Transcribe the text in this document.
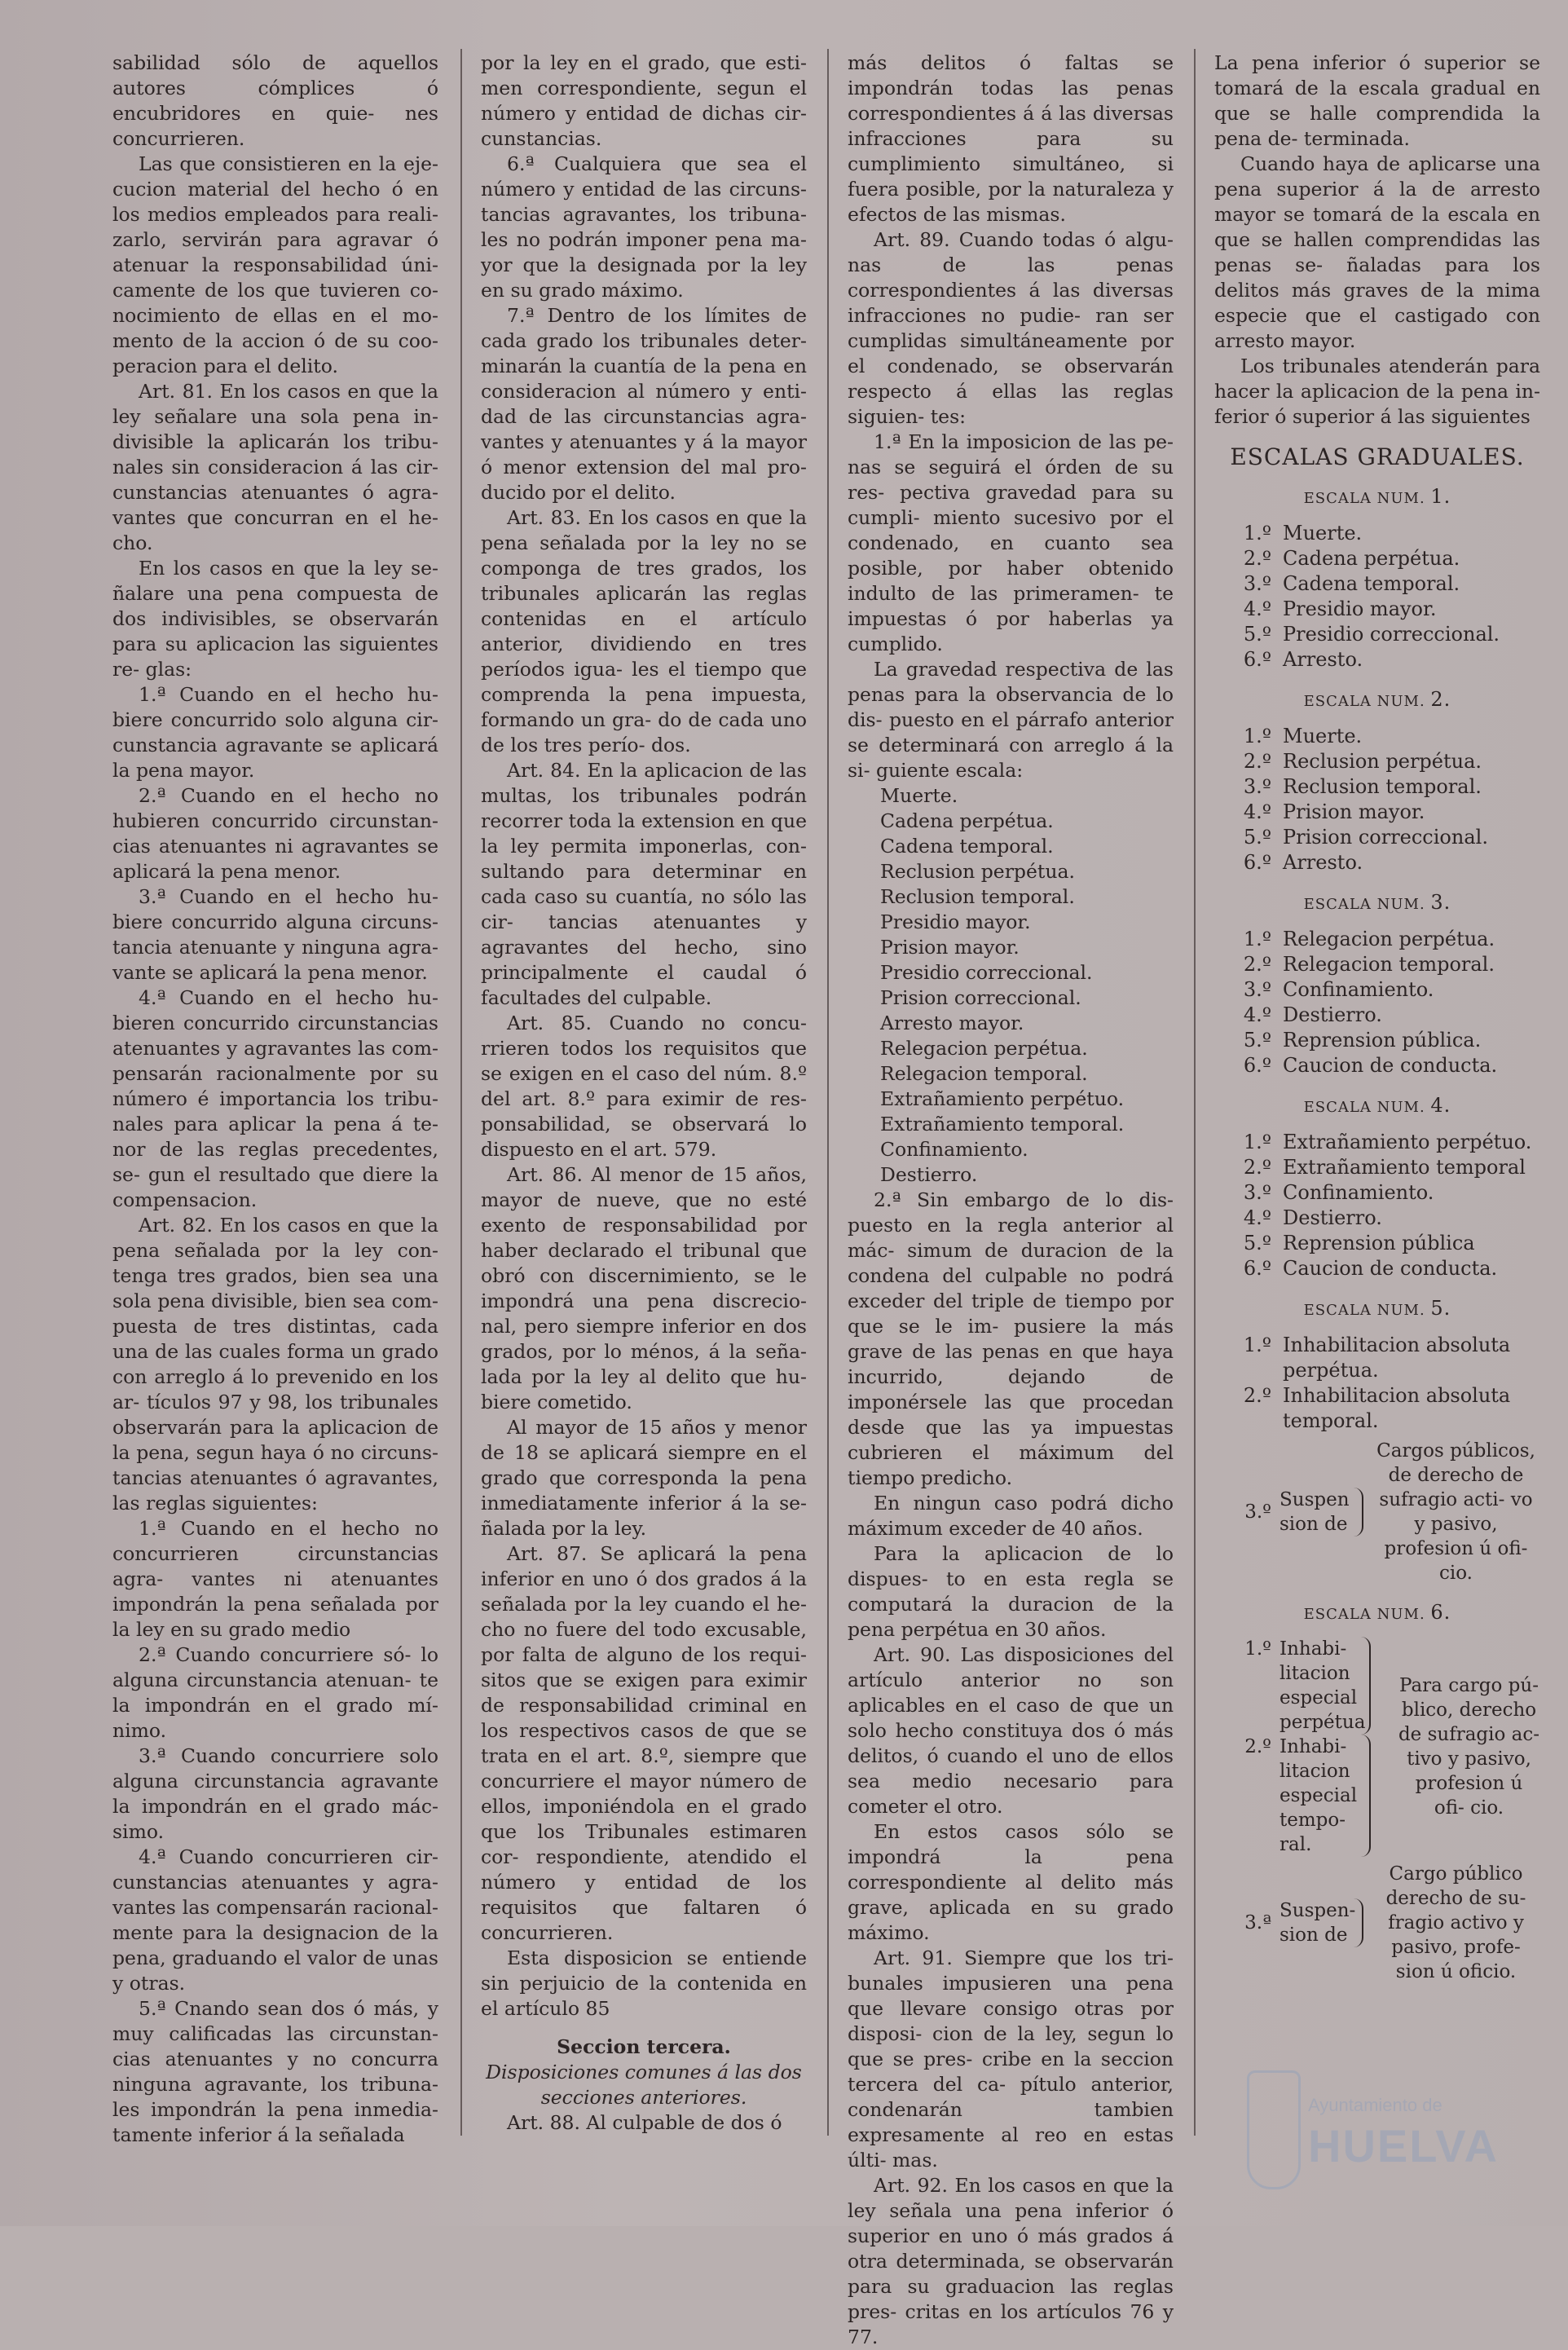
sabilidad sólo de aquellos autores cómplices ó encubridores en quie- nes concurrieren.

Las que consistieren en la eje- cucion material del hecho ó en los medios empleados para reali- zarlo, servirán para agravar ó atenuar la responsabilidad úni- camente de los que tuvieren co- nocimiento de ellas en el mo- mento de la accion ó de su coo- peracion para el delito.

Art. 81. En los casos en que la ley señalare una sola pena in- divisible la aplicarán los tribu- nales sin consideracion á las cir- cunstancias atenuantes ó agra- vantes que concurran en el he- cho.

En los casos en que la ley se- ñalare una pena compuesta de dos indivisibles, se observarán para su aplicacion las siguientes re- glas:

1.ª Cuando en el hecho hu- biere concurrido solo alguna cir- cunstancia agravante se aplicará la pena mayor.

2.ª Cuando en el hecho no hubieren concurrido circunstan- cias atenuantes ni agravantes se aplicará la pena menor.

3.ª Cuando en el hecho hu- biere concurrido alguna circuns- tancia atenuante y ninguna agra- vante se aplicará la pena menor.

4.ª Cuando en el hecho hu- bieren concurrido circunstancias atenuantes y agravantes las com- pensarán racionalmente por su número é importancia los tribu- nales para aplicar la pena á te- nor de las reglas precedentes, se- gun el resultado que diere la compensacion.

Art. 82. En los casos en que la pena señalada por la ley con- tenga tres grados, bien sea una sola pena divisible, bien sea com- puesta de tres distintas, cada una de las cuales forma un grado con arreglo á lo prevenido en los ar- tículos 97 y 98, los tribunales observarán para la aplicacion de la pena, segun haya ó no circuns- tancias atenuantes ó agravantes, las reglas siguientes:

1.ª Cuando en el hecho no concurrieren circunstancias agra- vantes ni atenuantes impondrán la pena señalada por la ley en su grado medio

2.ª Cuando concurriere só- lo alguna circunstancia atenuan- te la impondrán en el grado mí- nimo.

3.ª Cuando concurriere solo alguna circunstancia agravante la impondrán en el grado mác- simo.

4.ª Cuando concurrieren cir- cunstancias atenuantes y agra- vantes las compensarán racional- mente para la designacion de la pena, graduando el valor de unas y otras.

5.ª Cnando sean dos ó más, y muy calificadas las circunstan- cias atenuantes y no concurra ninguna agravante, los tribuna- les impondrán la pena inmedia- tamente inferior á la señalada

por la ley en el grado, que esti- men correspondiente, segun el número y entidad de dichas cir- cunstancias.

6.ª Cualquiera que sea el número y entidad de las circuns- tancias agravantes, los tribuna- les no podrán imponer pena ma- yor que la designada por la ley en su grado máximo.

7.ª Dentro de los límites de cada grado los tribunales deter- minarán la cuantía de la pena en consideracion al número y enti- dad de las circunstancias agra- vantes y atenuantes y á la mayor ó menor extension del mal pro- ducido por el delito.

Art. 83. En los casos en que la pena señalada por la ley no se componga de tres grados, los tribunales aplicarán las reglas contenidas en el artículo anterior, dividiendo en tres períodos igua- les el tiempo que comprenda la pena impuesta, formando un gra- do de cada uno de los tres perío- dos.

Art. 84. En la aplicacion de las multas, los tribunales podrán recorrer toda la extension en que la ley permita imponerlas, con- sultando para determinar en cada caso su cuantía, no sólo las cir- tancias atenuantes y agravantes del hecho, sino principalmente el caudal ó facultades del culpable.

Art. 85. Cuando no concu- rrieren todos los requisitos que se exigen en el caso del núm. 8.º del art. 8.º para eximir de res- ponsabilidad, se observará lo dispuesto en el art. 579.

Art. 86. Al menor de 15 años, mayor de nueve, que no esté exento de responsabilidad por haber declarado el tribunal que obró con discernimiento, se le impondrá una pena discrecio- nal, pero siempre inferior en dos grados, por lo ménos, á la seña- lada por la ley al delito que hu- biere cometido.

Al mayor de 15 años y menor de 18 se aplicará siempre en el grado que corresponda la pena inmediatamente inferior á la se- ñalada por la ley.

Art. 87. Se aplicará la pena inferior en uno ó dos grados á la señalada por la ley cuando el he- cho no fuere del todo excusable, por falta de alguno de los requi- sitos que se exigen para eximir de responsabilidad criminal en los respectivos casos de que se trata en el art. 8.º, siempre que concurriere el mayor número de ellos, imponiéndola en el grado que los Tribunales estimaren cor- respondiente, atendido el número y entidad de los requisitos que faltaren ó concurrieren.

Esta disposicion se entiende sin perjuicio de la contenida en el artículo 85

Seccion tercera.

Disposiciones comunes á las dos secciones anteriores.

Art. 88. Al culpable de dos ó

más delitos ó faltas se impondrán todas las penas correspondientes á á las diversas infracciones para su cumplimiento simultáneo, si fuera posible, por la naturaleza y efectos de las mismas.

Art. 89. Cuando todas ó algu- nas de las penas correspondientes á las diversas infracciones no pudie- ran ser cumplidas simultáneamente por el condenado, se observarán respecto á ellas las reglas siguien- tes:

1.ª En la imposicion de las pe- nas se seguirá el órden de su res- pectiva gravedad para su cumpli- miento sucesivo por el condenado, en cuanto sea posible, por haber obtenido indulto de las primeramen- te impuestas ó por haberlas ya cumplido.

La gravedad respectiva de las penas para la observancia de lo dis- puesto en el párrafo anterior se determinará con arreglo á la si- guiente escala:

Muerte.

Cadena perpétua.

Cadena temporal.

Reclusion perpétua.

Reclusion temporal.

Presidio mayor.

Prision mayor.

Presidio correccional.

Prision correccional.

Arresto mayor.

Relegacion perpétua.

Relegacion temporal.

Extrañamiento perpétuo.

Extrañamiento temporal.

Confinamiento.

Destierro.

2.ª Sin embargo de lo dis- puesto en la regla anterior al mác- simum de duracion de la condena del culpable no podrá exceder del triple de tiempo por que se le im- pusiere la más grave de las penas en que haya incurrido, dejando de imponérsele las que procedan desde que las ya impuestas cubrieren el máximum del tiempo predicho.

En ningun caso podrá dicho máximum exceder de 40 años.

Para la aplicacion de lo dispues- to en esta regla se computará la duracion de la pena perpétua en 30 años.

Art. 90. Las disposiciones del artículo anterior no son aplicables en el caso de que un solo hecho constituya dos ó más delitos, ó cuando el uno de ellos sea medio necesario para cometer el otro.

En estos casos sólo se impondrá la pena correspondiente al delito más grave, aplicada en su grado máximo.

Art. 91. Siempre que los tri- bunales impusieren una pena que llevare consigo otras por disposi- cion de la ley, segun lo que se pres- cribe en la seccion tercera del ca- pítulo anterior, condenarán tambien expresamente al reo en estas últi- mas.

Art. 92. En los casos en que la ley señala una pena inferior ó superior en uno ó más grados á otra determinada, se observarán para su graduacion las reglas pres- critas en los artículos 76 y 77.

La pena inferior ó superior se tomará de la escala gradual en que se halle comprendida la pena de- terminada.

Cuando haya de aplicarse una pena superior á la de arresto mayor se tomará de la escala en que se hallen comprendidas las penas se- ñaladas para los delitos más graves de la mima especie que el castigado con arresto mayor.

Los tribunales atenderán para hacer la aplicacion de la pena in- ferior ó superior á las siguientes

ESCALAS GRADUALES.
ESCALA NUM. 1.
1.º Muerte.
2.º Cadena perpétua.
3.º Cadena temporal.
4.º Presidio mayor.
5.º Presidio correccional.
6.º Arresto.
ESCALA NUM. 2.
1.º Muerte.
2.º Reclusion perpétua.
3.º Reclusion temporal.
4.º Prision mayor.
5.º Prision correccional.
6.º Arresto.
ESCALA NUM. 3.
1.º Relegacion perpétua.
2.º Relegacion temporal.
3.º Confinamiento.
4.º Destierro.
5.º Reprension pública.
6.º Caucion de conducta.
ESCALA NUM. 4.
1.º Extrañamiento perpétuo.
2.º Extrañamiento temporal
3.º Confinamiento.
4.º Destierro.
5.º Reprension pública
6.º Caucion de conducta.
ESCALA NUM. 5.
1.º Inhabilitacion absoluta perpétua.
2.º Inhabilitacion absoluta temporal.
3.º
Suspen sion de
Cargos públicos, de derecho de sufragio acti- vo y pasivo, profesion ú ofi- cio.
ESCALA NUM. 6.
1.º Inhabi- litacion especial perpétua
2.º Inhabi- litacion especial tempo- ral.
Para cargo pú- blico, derecho de sufragio ac- tivo y pasivo, profesion ú ofi- cio.
3.ª
Suspen- sion de
Cargo público derecho de su- fragio activo y pasivo, profe- sion ú oficio.
Ayuntamiento de
HUELVA
